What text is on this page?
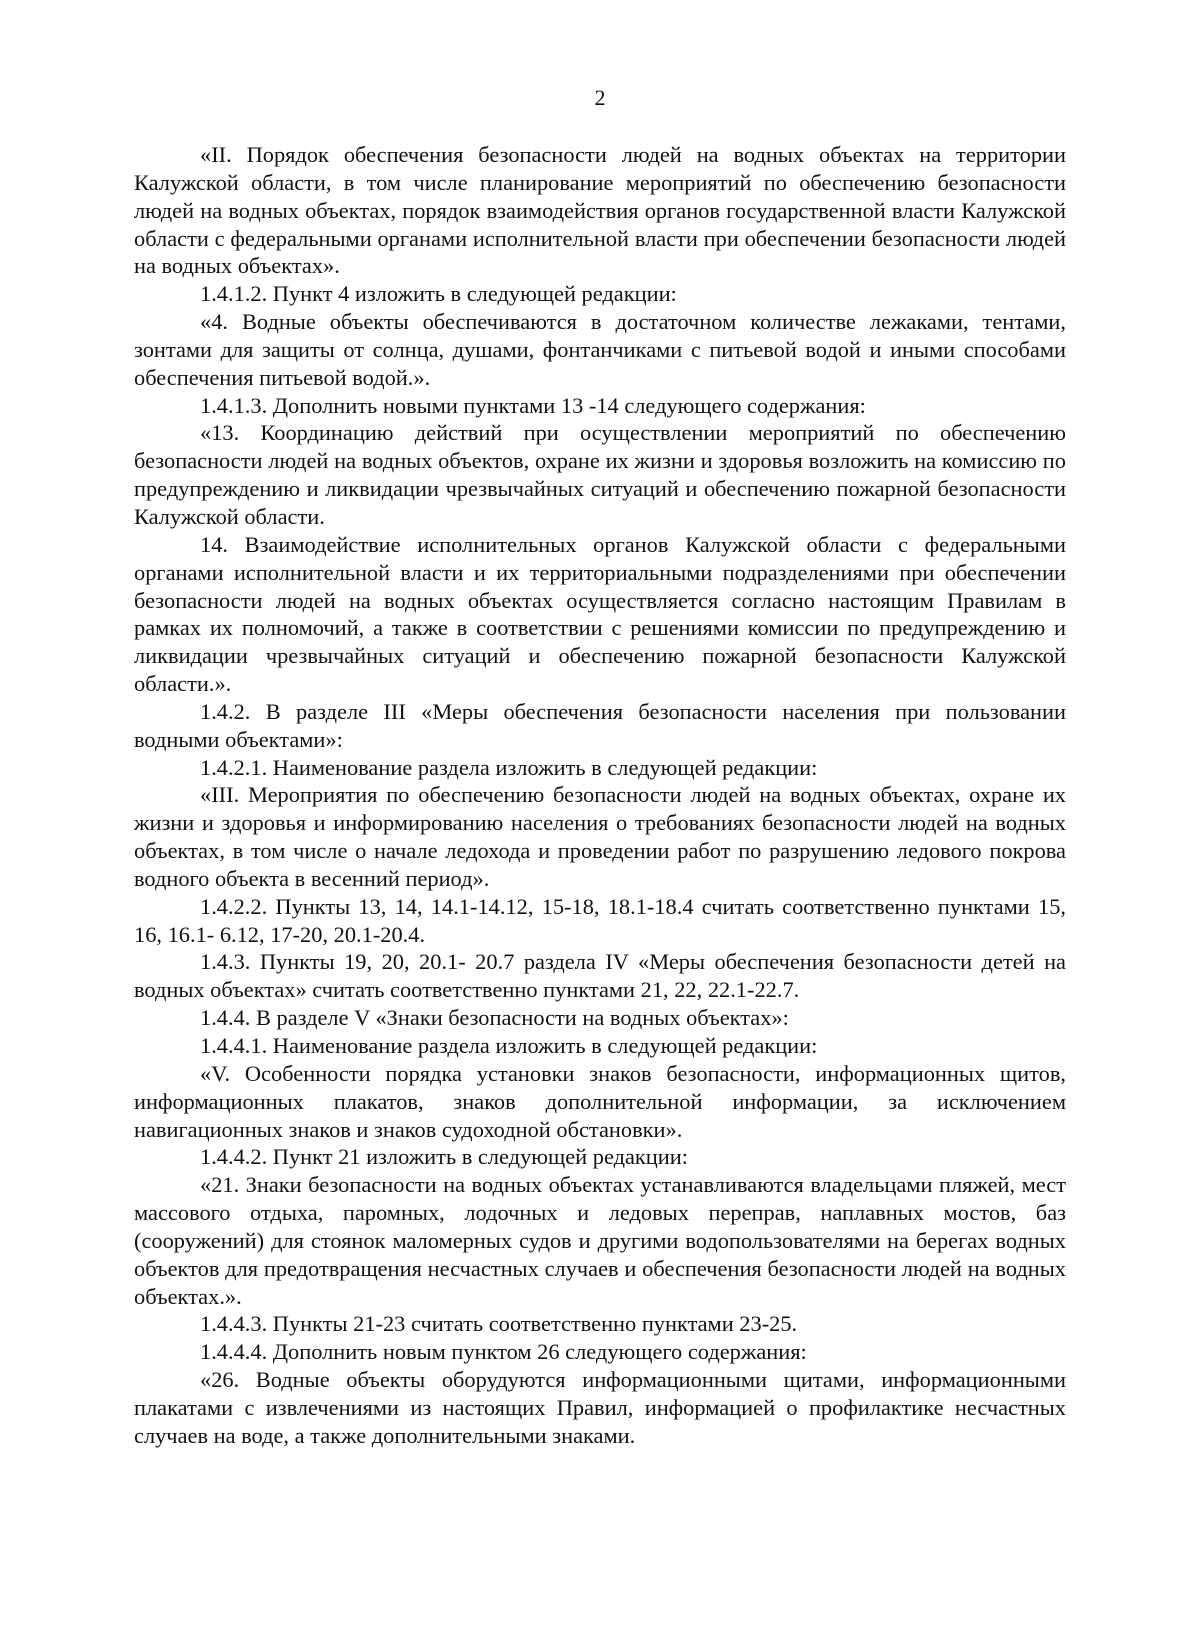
2

«II. Порядок обеспечения безопасности людей на водных объектах на территории Калужской области, в том числе планирование мероприятий по обеспечению безопасности людей на водных объектах, порядок взаимодействия органов государственной власти Калужской области с федеральными органами исполнительной власти при обеспечении безопасности людей на водных объектах».

1.4.1.2. Пункт 4 изложить в следующей редакции:

«4. Водные объекты обеспечиваются в достаточном количестве лежаками, тентами, зонтами для защиты от солнца, душами, фонтанчиками с питьевой водой и иными способами обеспечения питьевой водой.».

1.4.1.3. Дополнить новыми пунктами 13 -14 следующего содержания:

«13. Координацию действий при осуществлении мероприятий по обеспечению безопасности людей на водных объектов, охране их жизни и здоровья возложить на комиссию по предупреждению и ликвидации чрезвычайных ситуаций и обеспечению пожарной безопасности Калужской области.

14. Взаимодействие исполнительных органов Калужской области с федеральными органами исполнительной власти и их территориальными подразделениями при обеспечении безопасности людей на водных объектах осуществляется согласно настоящим Правилам в рамках их полномочий, а также в соответствии с решениями комиссии по предупреждению и ликвидации чрезвычайных ситуаций и обеспечению пожарной безопасности Калужской области.».

1.4.2. В разделе III «Меры обеспечения безопасности населения при пользовании водными объектами»:

1.4.2.1. Наименование раздела изложить в следующей редакции:

«III. Мероприятия по обеспечению безопасности людей на водных объектах, охране их жизни и здоровья и информированию населения о требованиях безопасности людей на водных объектах, в том числе о начале ледохода и проведении работ по разрушению ледового покрова водного объекта в весенний период».

1.4.2.2. Пункты 13, 14, 14.1-14.12, 15-18, 18.1-18.4 считать соответственно пунктами 15, 16, 16.1- 6.12, 17-20, 20.1-20.4.

1.4.3. Пункты 19, 20, 20.1- 20.7 раздела IV «Меры обеспечения безопасности детей на водных объектах» считать соответственно пунктами 21, 22, 22.1-22.7.

1.4.4. В разделе V «Знаки безопасности на водных объектах»:

1.4.4.1. Наименование раздела изложить в следующей редакции:

«V. Особенности порядка установки знаков безопасности, информационных щитов, информационных плакатов, знаков дополнительной информации, за исключением навигационных знаков и знаков судоходной обстановки».

1.4.4.2. Пункт 21 изложить в следующей редакции:

«21. Знаки безопасности на водных объектах устанавливаются владельцами пляжей, мест массового отдыха, паромных, лодочных и ледовых переправ, наплавных мостов, баз (сооружений) для стоянок маломерных судов и другими водопользователями на берегах водных объектов для предотвращения несчастных случаев и обеспечения безопасности людей на водных объектах.».

1.4.4.3. Пункты 21-23 считать соответственно пунктами 23-25.

1.4.4.4. Дополнить новым пунктом 26 следующего содержания:

«26. Водные объекты оборудуются информационными щитами, информационными плакатами с извлечениями из настоящих Правил, информацией о профилактике несчастных случаев на воде, а также дополнительными знаками.
